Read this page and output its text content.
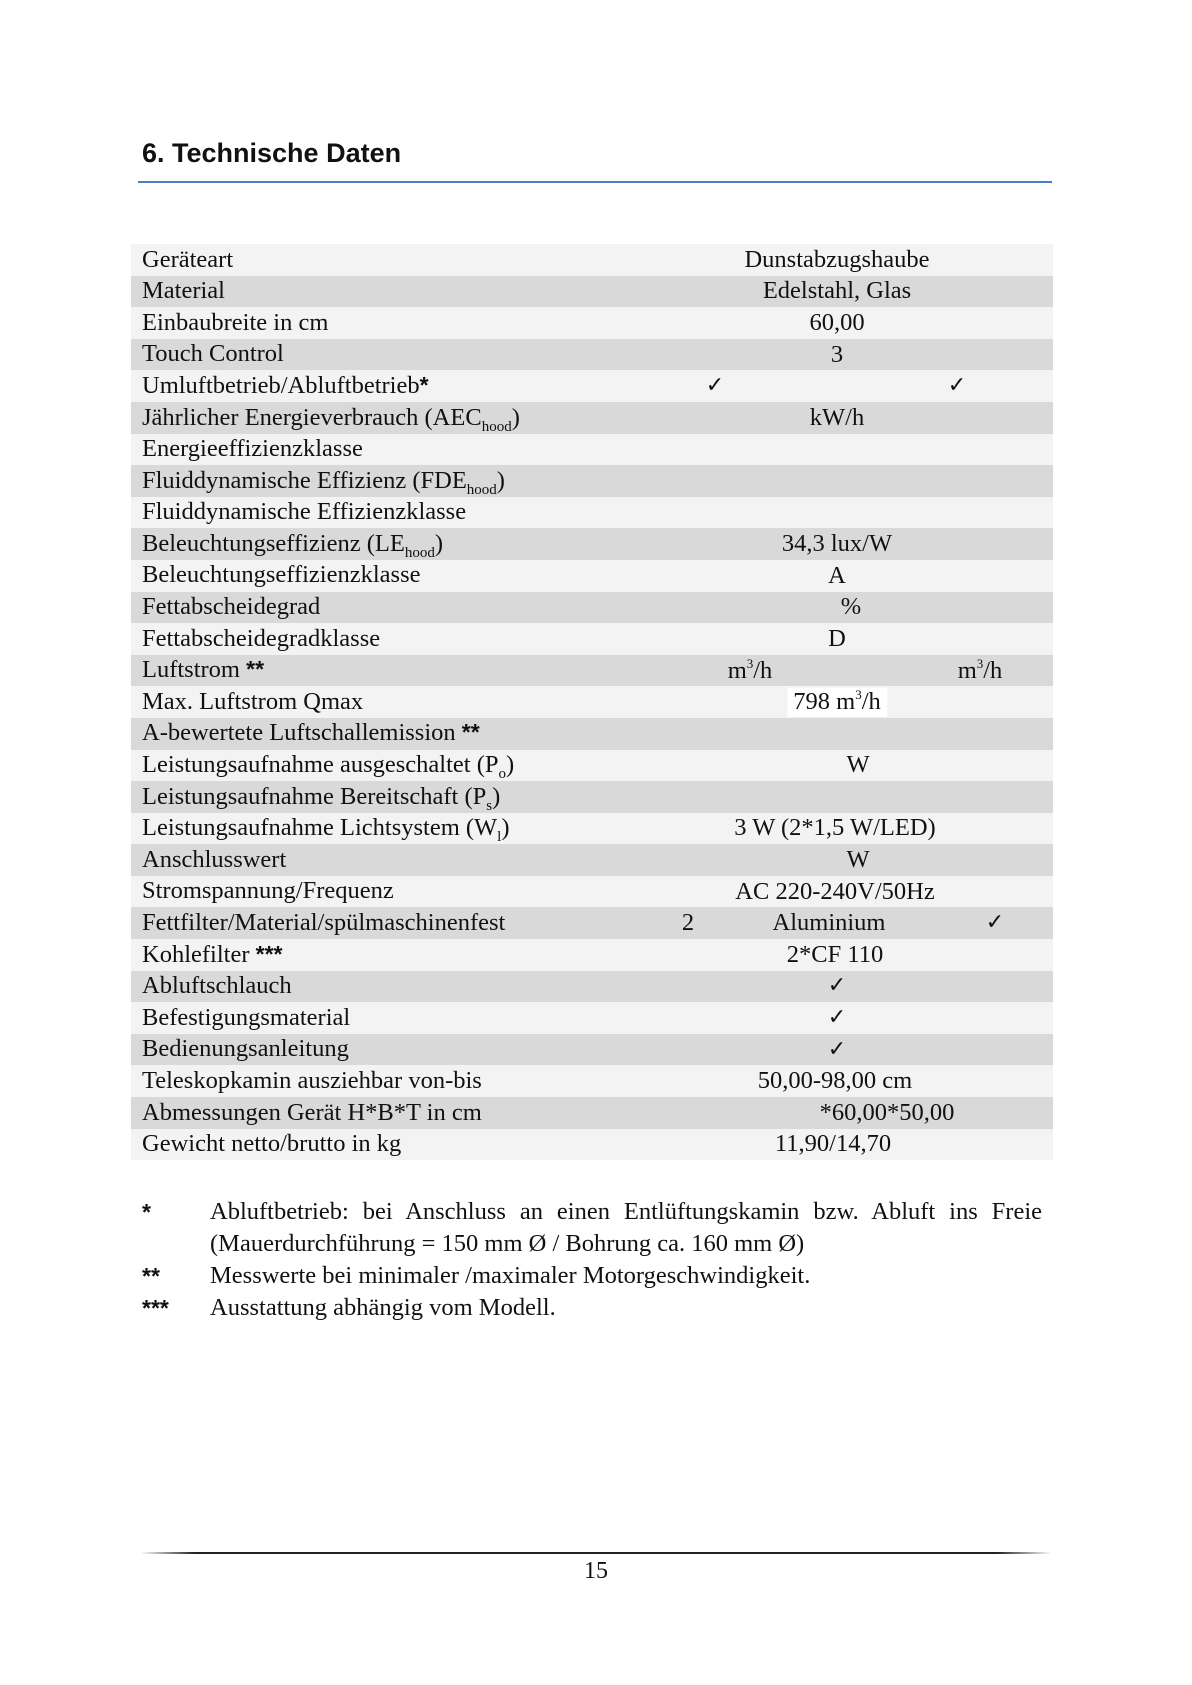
6. Technische Daten
Geräteart	Dunstabzugshaube

Material	Edelstahl, Glas

Einbaubreite in cm	60,00

Touch Control	3

Umluftbetrieb/Abluftbetrieb*	✓ ✓

Jährlicher Energieverbrauch $(AEC_{hood})$	kW/h

Energieeffizienzklasse	
Fluiddynamische Effizienz $(FDE_{hood})$	
Fluiddynamische Effizienzklasse	
Beleuchtungseffizienz $(LE_{hood})$	34,3 lux/W

Beleuchtungseffizienzklasse	A

Fettabscheidegrad	%

Fettabscheidegradklasse	D

Luftstrom **	$m^3/h$ $m^3/h$

Max. Luftstrom Qmax	798 $m^3/h$

A-bewertete Luftschallemission **	
Leistungsaufnahme ausgeschaltet $(P_o)$	W

Leistungsaufnahme Bereitschaft $(P_s)$	
Leistungsaufnahme Lichtsystem $(W_l)$	3 W (2*1,5 W/LED)

Anschlusswert	W

Stromspannung/Frequenz	AC 220-240V/50Hz

Fettfilter/Material/spülmaschinenfest	2 Aluminium ✓

Kohlefilter ***	2*CF 110

Abluftschlauch	✓

Befestigungsmaterial	✓

Bedienungsanleitung	✓

Teleskopkamin ausziehbar von-bis	50,00-98,00 cm

Abmessungen Gerät H*B*T in cm	*60,00*50,00

Gewicht netto/brutto in kg	11,90/14,70
*	Abluftbetrieb: bei Anschluss an einen Entlüftungskamin bzw. Abluft ins Freie (Mauerdurchführung = 150 mm Ø / Bohrung ca. 160 mm Ø)
**	Messwerte bei minimaler /maximaler Motorgeschwindigkeit.
***	Ausstattung abhängig vom Modell.
15
